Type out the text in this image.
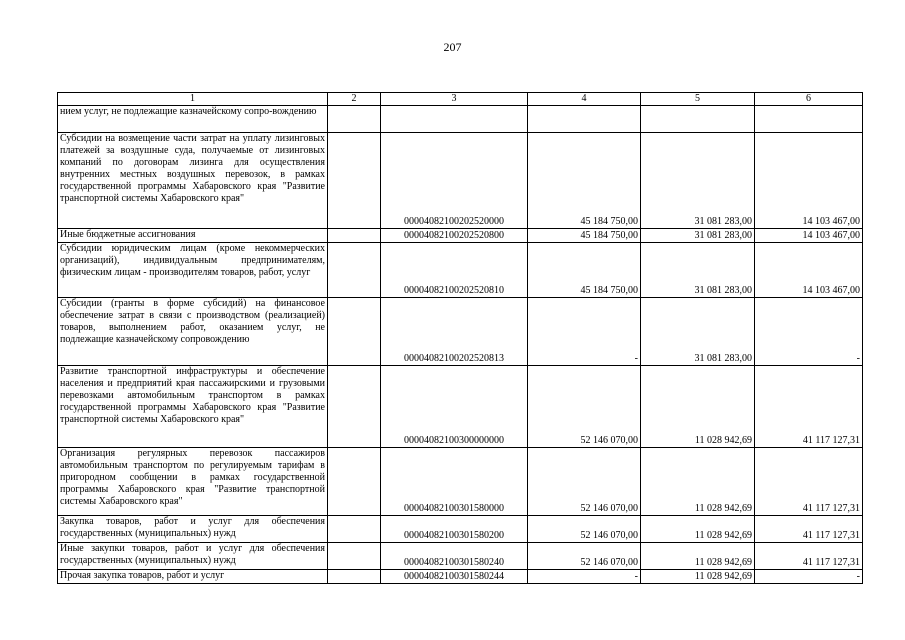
207
1	2	3	4	5	6
нием услуг, не подлежащие казначейскому сопро-вождению					
Субсидии на возмещение части затрат на уплату лизинговых платежей за воздушные суда, получаемые от лизинговых компаний по договорам лизинга для осуществления внутренних местных воздушных перевозок, в рамках государственной программы Хабаровского края "Развитие транспортной системы Хабаровского края"		00004082100202520000	45 184 750,00	31 081 283,00	14 103 467,00
Иные бюджетные ассигнования		00004082100202520800	45 184 750,00	31 081 283,00	14 103 467,00
Субсидии юридическим лицам (кроме некоммерческих организаций), индивидуальным предпринимателям, физическим лицам - производителям товаров, работ, услуг		00004082100202520810	45 184 750,00	31 081 283,00	14 103 467,00
Субсидии (гранты в форме субсидий) на финансовое обеспечение затрат в связи с производством (реализацией) товаров, выполнением работ, оказанием услуг, не подлежащие казначейскому сопровождению		00004082100202520813	-	31 081 283,00	-
Развитие транспортной инфраструктуры и обеспечение населения и предприятий края пассажирскими и грузовыми перевозками автомобильным транспортом в рамках государственной программы Хабаровского края "Развитие транспортной системы Хабаровского края"		00004082100300000000	52 146 070,00	11 028 942,69	41 117 127,31
Организация регулярных перевозок пассажиров автомобильным транспортом по регулируемым тарифам в пригородном сообщении в рамках государственной программы Хабаровского края "Развитие транспортной системы Хабаровского края"		00004082100301580000	52 146 070,00	11 028 942,69	41 117 127,31
Закупка товаров, работ и услуг для обеспечения государственных (муниципальных) нужд		00004082100301580200	52 146 070,00	11 028 942,69	41 117 127,31
Иные закупки товаров, работ и услуг для обеспечения государственных (муниципальных) нужд		00004082100301580240	52 146 070,00	11 028 942,69	41 117 127,31
Прочая закупка товаров, работ и услуг		00004082100301580244	-	11 028 942,69	-
